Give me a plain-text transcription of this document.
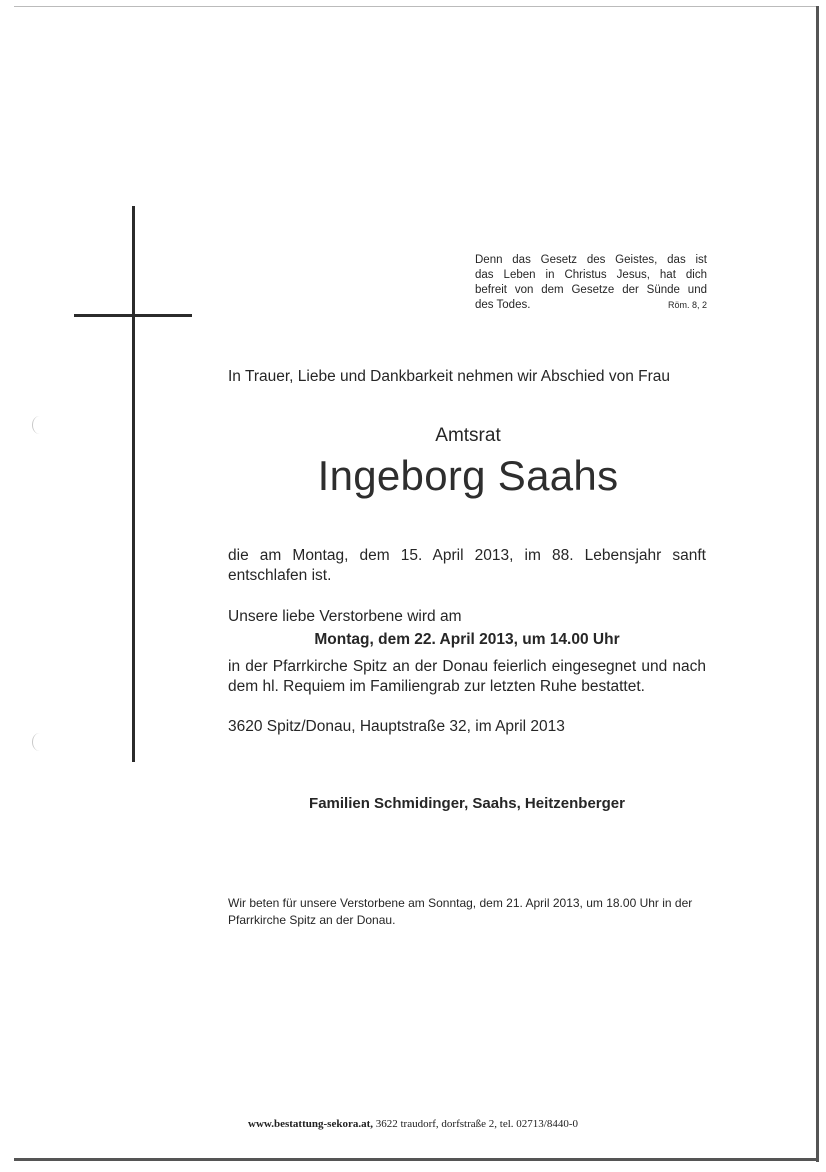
Denn das Gesetz des Geistes, das ist
das Leben in Christus Jesus, hat dich
befreit von dem Gesetze der Sünde und
des Todes.	Röm. 8, 2
In Trauer, Liebe und Dankbarkeit nehmen wir Abschied von Frau
Amtsrat
Ingeborg Saahs
die am Montag, dem 15. April 2013, im 88. Lebensjahr sanft entschlafen ist.
Unsere liebe Verstorbene wird am
Montag, dem 22. April 2013, um 14.00 Uhr
in der Pfarrkirche Spitz an der Donau feierlich eingesegnet und nach dem hl. Requiem im Familiengrab zur letzten Ruhe bestattet.
3620 Spitz/Donau, Hauptstraße 32, im April 2013
Familien Schmidinger, Saahs, Heitzenberger
Wir beten für unsere Verstorbene am Sonntag, dem 21. April 2013, um 18.00 Uhr in der Pfarrkirche Spitz an der Donau.
www.bestattung-sekora.at, 3622 traudorf, dorfstraße 2, tel. 02713/8440-0
